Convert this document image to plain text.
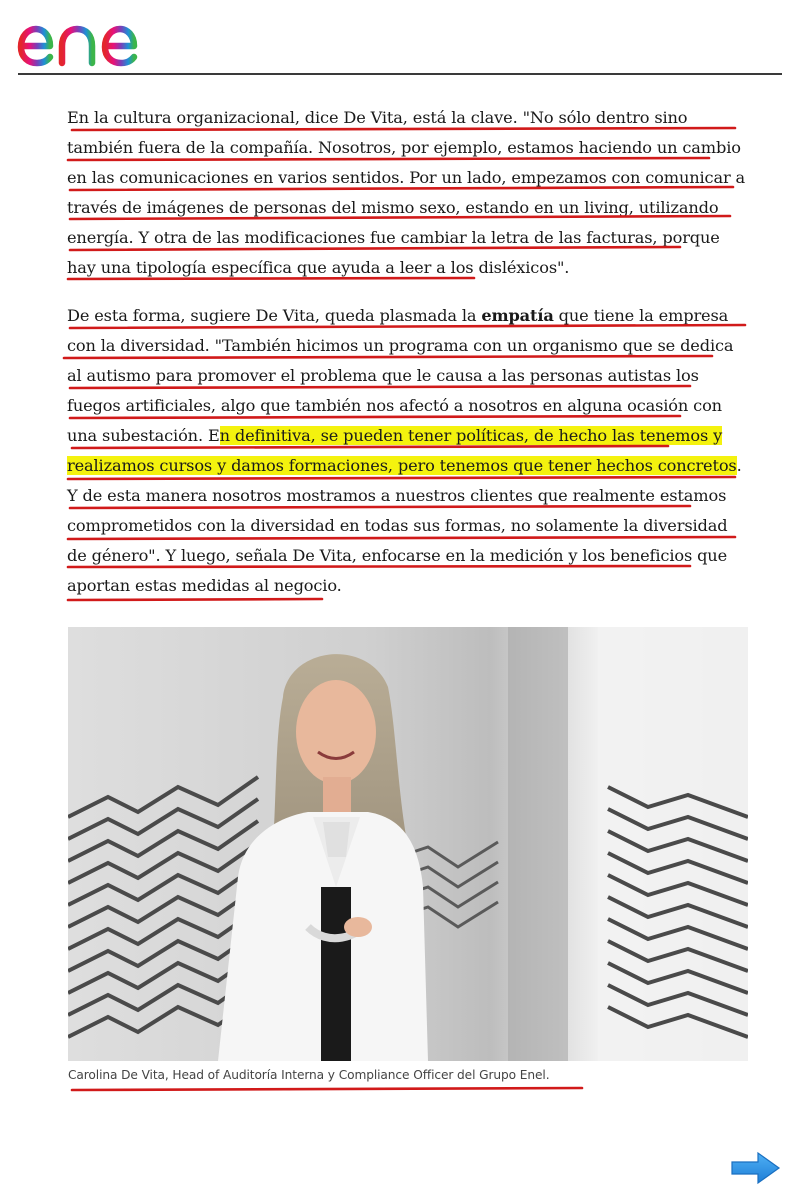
enel

En la cultura organizacional, dice De Vita, está la clave. "No sólo dentro sino también fuera de la compañía. Nosotros, por ejemplo, estamos haciendo un cambio en las comunicaciones en varios sentidos. Por un lado, empezamos con comunicar a través de imágenes de personas del mismo sexo, estando en un living, utilizando energía. Y otra de las modificaciones fue cambiar la letra de las facturas, porque hay una tipología específica que ayuda a leer a los disléxicos".

De esta forma, sugiere De Vita, queda plasmada la empatía que tiene la empresa con la diversidad. "También hicimos un programa con un organismo que se dedica al autismo para promover el problema que le causa a las personas autistas los fuegos artificiales, algo que también nos afectó a nosotros en alguna ocasión con una subestación. En definitiva, se pueden tener políticas, de hecho las tenemos y realizamos cursos y damos formaciones, pero tenemos que tener hechos concretos. Y de esta manera nosotros mostramos a nuestros clientes que realmente estamos comprometidos con la diversidad en todas sus formas, no solamente la diversidad de género". Y luego, señala De Vita, enfocarse en la medición y los beneficios que aportan estas medidas al negocio.

Carolina De Vita, Head of Auditoría Interna y Compliance Officer del Grupo Enel.
